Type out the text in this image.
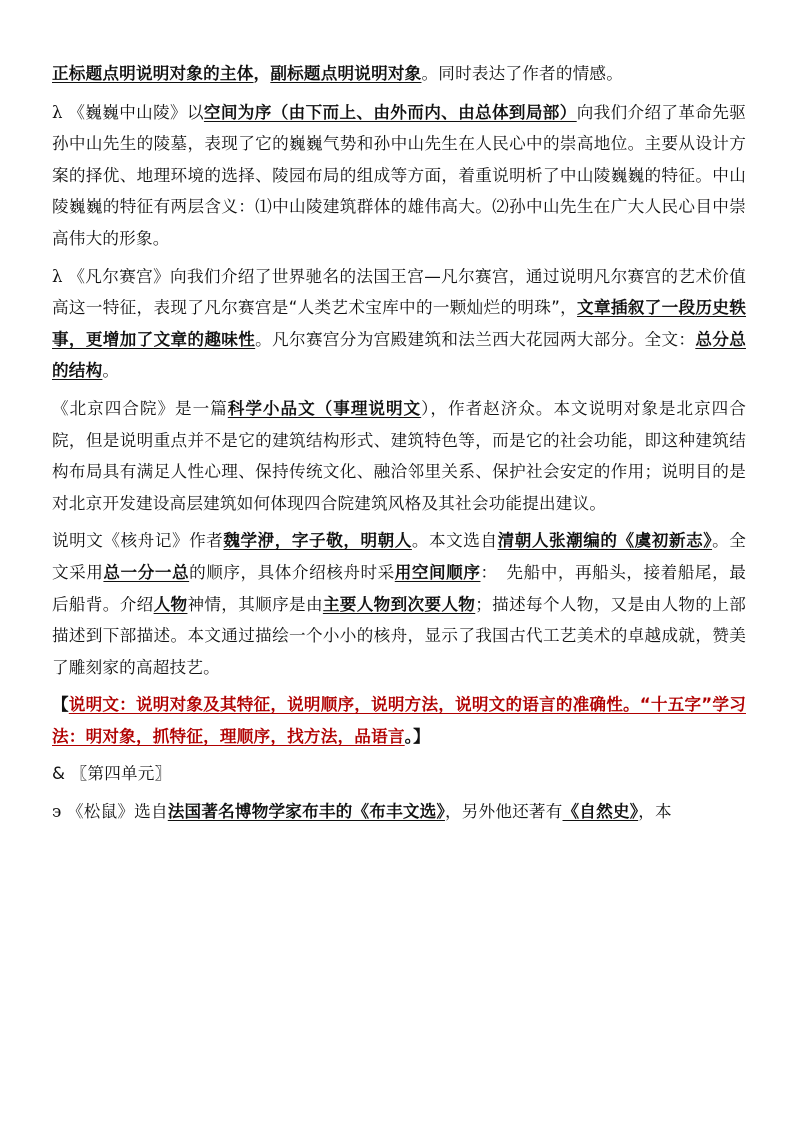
正标题点明说明对象的主体，副标题点明说明对象。同时表达了作者的情感。

λ 《巍巍中山陵》以空间为序（由下而上、由外而内、由总体到局部）向我们介绍了革命先驱孙中山先生的陵墓，表现了它的巍巍气势和孙中山先生在人民心中的崇高地位。主要从设计方案的择优、地理环境的选择、陵园布局的组成等方面，着重说明析了中山陵巍巍的特征。中山陵巍巍的特征有两层含义：⑴中山陵建筑群体的雄伟高大。⑵孙中山先生在广大人民心目中崇高伟大的形象。

λ 《凡尔赛宫》向我们介绍了世界驰名的法国王宫—凡尔赛宫，通过说明凡尔赛宫的艺术价值高这一特征，表现了凡尔赛宫是“人类艺术宝库中的一颗灿烂的明珠”，文章插叙了一段历史轶事，更增加了文章的趣味性。凡尔赛宫分为宫殿建筑和法兰西大花园两大部分。全文：总分总的结构。

《北京四合院》是一篇科学小品文（事理说明文），作者赵济众。本文说明对象是北京四合院，但是说明重点并不是它的建筑结构形式、建筑特色等，而是它的社会功能，即这种建筑结构布局具有满足人性心理、保持传统文化、融洽邻里关系、保护社会安定的作用；说明目的是对北京开发建设高层建筑如何体现四合院建筑风格及其社会功能提出建议。

说明文《核舟记》作者魏学洢，字子敬，明朝人。本文选自清朝人张潮编的《虞初新志》。全文采用总一分一总的顺序，具体介绍核舟时采用空间顺序：　先船中，再船头，接着船尾，最后船背。介绍人物神情，其顺序是由主要人物到次要人物；描述每个人物，又是由人物的上部描述到下部描述。本文通过描绘一个小小的核舟，显示了我国古代工艺美术的卓越成就，赞美了雕刻家的高超技艺。

【说明文：说明对象及其特征，说明顺序，说明方法，说明文的语言的准确性。“十五字”学习法：明对象，抓特征，理顺序，找方法，品语言。】

& 〖第四单元〗

϶ 《松鼠》选自法国著名博物学家布丰的《布丰文选》，另外他还著有《自然史》，本
